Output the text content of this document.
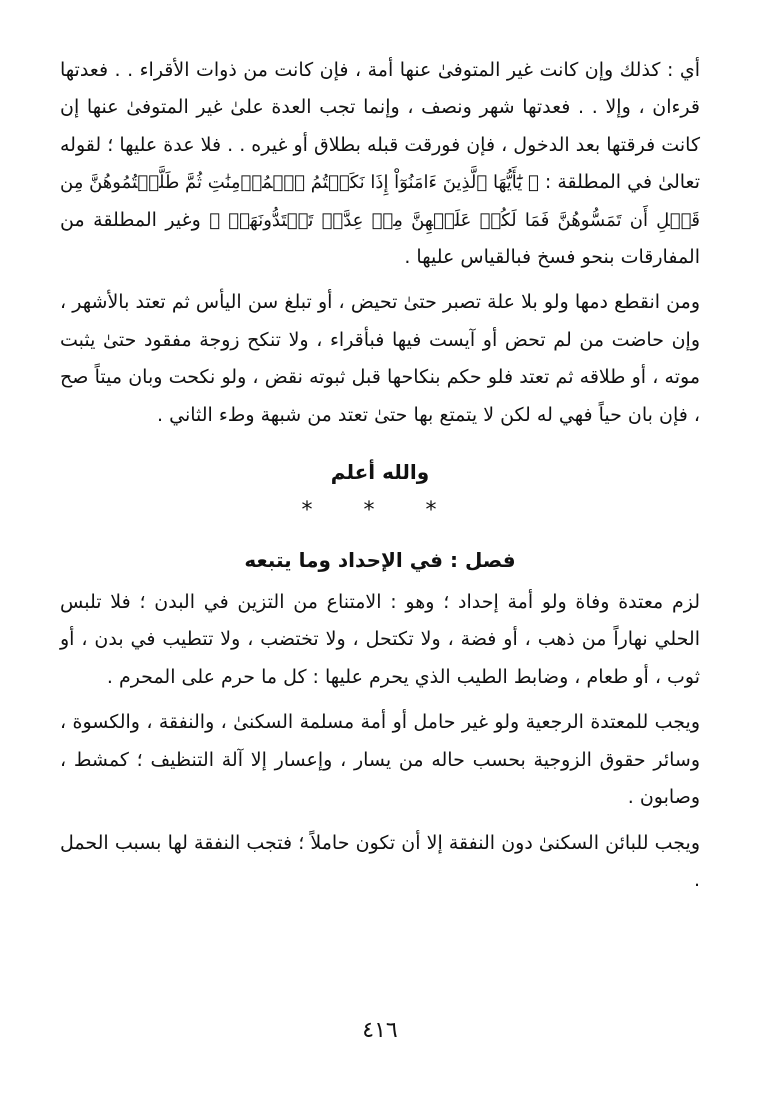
أي : كذلك وإن كانت غير المتوفىٰ عنها أمة ، فإن كانت من ذوات الأقراء . . فعدتها قرءان ، وإلا . . فعدتها شهر ونصف ، وإنما تجب العدة علىٰ غير المتوفىٰ عنها إن كانت فرقتها بعد الدخول ، فإن فورقت قبله بطلاق أو غيره . . فلا عدة عليها ؛ لقوله تعالىٰ في المطلقة : ﴿ يَٰٓأَيُّهَا ٱلَّذِينَ ءَامَنُوٓاْ إِذَا نَكَحۡتُمُ ٱلۡمُؤۡمِنَٰتِ ثُمَّ طَلَّقۡتُمُوهُنَّ مِن قَبۡلِ أَن تَمَسُّوهُنَّ فَمَا لَكُمۡ عَلَيۡهِنَّ مِنۡ عِدَّةٖ تَعۡتَدُّونَهَاۖ ﴾ وغير المطلقة من المفارقات بنحو فسخ فبالقياس عليها .

ومن انقطع دمها ولو بلا علة تصبر حتىٰ تحيض ، أو تبلغ سن اليأس ثم تعتد بالأشهر ، وإن حاضت من لم تحض أو آيست فيها فبأقراء ، ولا تنكح زوجة مفقود حتىٰ يثبت موته ، أو طلاقه ثم تعتد فلو حكم بنكاحها قبل ثبوته نقض ، ولو نكحت وبان ميتاً صح ، فإن بان حياً فهي له لكن لا يتمتع بها حتىٰ تعتد من شبهة وطء الثاني .

والله أعلم

* * *

فصل : في الإحداد وما يتبعه

لزم معتدة وفاة ولو أمة إحداد ؛ وهو : الامتناع من التزين في البدن ؛ فلا تلبس الحلي نهاراً من ذهب ، أو فضة ، ولا تكتحل ، ولا تختضب ، ولا تتطيب في بدن ، أو ثوب ، أو طعام ، وضابط الطيب الذي يحرم عليها : كل ما حرم على المحرم .

ويجب للمعتدة الرجعية ولو غير حامل أو أمة مسلمة السكنىٰ ، والنفقة ، والكسوة ، وسائر حقوق الزوجية بحسب حاله من يسار ، وإعسار إلا آلة التنظيف ؛ كمشط ، وصابون .

ويجب للبائن السكنىٰ دون النفقة إلا أن تكون حاملاً ؛ فتجب النفقة لها بسبب الحمل .

٤١٦
